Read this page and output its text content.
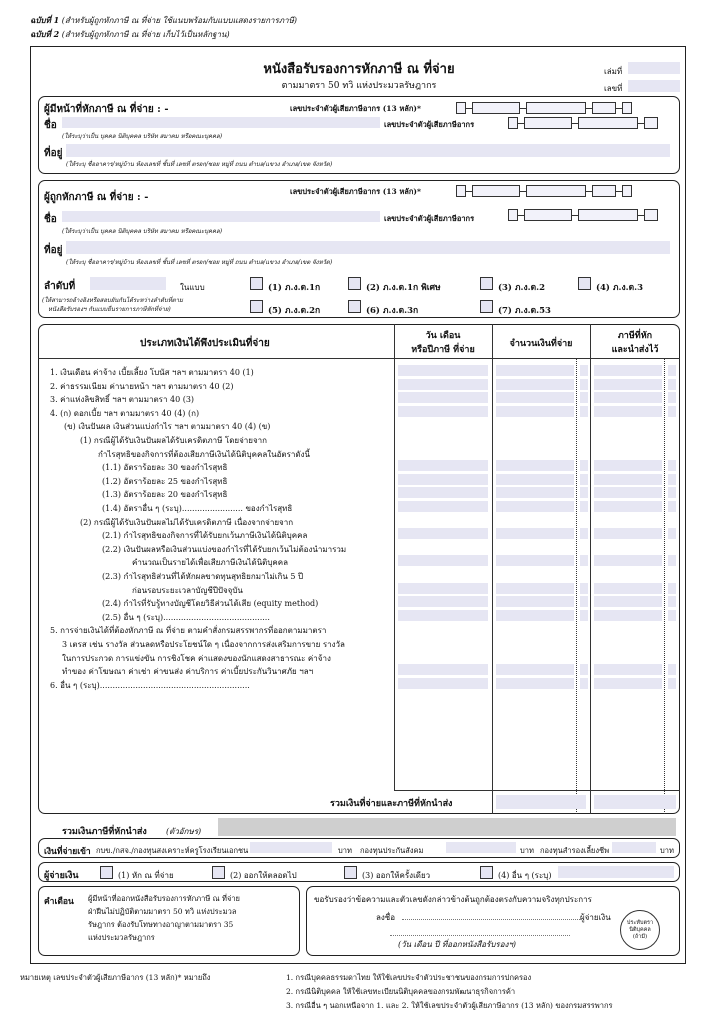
ฉบับที่ 1 (สำหรับผู้ถูกหักภาษี ณ ที่จ่าย ใช้แนบพร้อมกับแบบแสดงรายการภาษี)
ฉบับที่ 2 (สำหรับผู้ถูกหักภาษี ณ ที่จ่าย เก็บไว้เป็นหลักฐาน)
หนังสือรับรองการหักภาษี ณ ที่จ่าย
ตามมาตรา 50 ทวิ แห่งประมวลรัษฎากร
เล่มที่
เลขที่
ผู้มีหน้าที่หักภาษี ณ ที่จ่าย : -	เลขประจำตัวผู้เสียภาษีอากร (13 หลัก)*
ชื่อ	เลขประจำตัวผู้เสียภาษีอากร
(ให้ระบุว่าเป็น บุคคล นิติบุคคล บริษัท สมาคม หรือคณะบุคคล)
ที่อยู่
(ให้ระบุ ชื่ออาคาร/หมู่บ้าน ห้องเลขที่ ชั้นที่ เลขที่ ตรอก/ซอย หมู่ที่ ถนน ตำบล/แขวง อำเภอ/เขต จังหวัด)
ผู้ถูกหักภาษี ณ ที่จ่าย : -
เลขประจำตัวผู้เสียภาษีอากร (13 หลัก)*
ชื่อ	เลขประจำตัวผู้เสียภาษีอากร
(ให้ระบุว่าเป็น บุคคล นิติบุคคล บริษัท สมาคม หรือคณะบุคคล)
ที่อยู่
(ให้ระบุ ชื่ออาคาร/หมู่บ้าน ห้องเลขที่ ชั้นที่ เลขที่ ตรอก/ซอย หมู่ที่ ถนน ตำบล/แขวง อำเภอ/เขต จังหวัด)
ลำดับที่	ในแบบ
(ให้สามารถอ้างอิงหรือสอบยันกันได้ระหว่างลำดับที่ตาม
หนังสือรับรองฯ กับแบบยื่นรายการภาษีหักที่จ่าย)
(1) ภ.ง.ด.1ก	(2) ภ.ง.ด.1ก พิเศษ	(3) ภ.ง.ด.2	(4) ภ.ง.ด.3
(5) ภ.ง.ด.2ก	(6) ภ.ง.ด.3ก	(7) ภ.ง.ด.53
ประเภทเงินได้พึงประเมินที่จ่าย
วัน เดือน
หรือปีภาษี ที่จ่าย
จำนวนเงินที่จ่าย
ภาษีที่หัก
และนำส่งไว้
1. เงินเดือน ค่าจ้าง เบี้ยเลี้ยง โบนัส ฯลฯ ตามมาตรา 40 (1)
2. ค่าธรรมเนียม ค่านายหน้า ฯลฯ ตามมาตรา 40 (2)
3. ค่าแห่งลิขสิทธิ์ ฯลฯ ตามมาตรา 40 (3)
4. (ก) ดอกเบี้ย ฯลฯ ตามมาตรา 40 (4) (ก)
(ข) เงินปันผล เงินส่วนแบ่งกำไร ฯลฯ ตามมาตรา 40 (4) (ข)
(1) กรณีผู้ได้รับเงินปันผลได้รับเครดิตภาษี โดยจ่ายจาก
กำไรสุทธิของกิจการที่ต้องเสียภาษีเงินได้นิติบุคคลในอัตราดังนี้
(1.1) อัตราร้อยละ 30 ของกำไรสุทธิ
(1.2) อัตราร้อยละ 25 ของกำไรสุทธิ
(1.3) อัตราร้อยละ 20 ของกำไรสุทธิ
(1.4) อัตราอื่น ๆ (ระบุ)........................ ของกำไรสุทธิ
(2) กรณีผู้ได้รับเงินปันผลไม่ได้รับเครดิตภาษี เนื่องจากจ่ายจาก
(2.1) กำไรสุทธิของกิจการที่ได้รับยกเว้นภาษีเงินได้นิติบุคคล
(2.2) เงินปันผลหรือเงินส่วนแบ่งของกำไรที่ได้รับยกเว้นไม่ต้องนำมารวม
คำนวณเป็นรายได้เพื่อเสียภาษีเงินได้นิติบุคคล
(2.3) กำไรสุทธิส่วนที่ได้หักผลขาดทุนสุทธิยกมาไม่เกิน 5 ปี
ก่อนรอบระยะเวลาบัญชีปีปัจจุบัน
(2.4) กำไรที่รับรู้ทางบัญชีโดยวิธีส่วนได้เสีย (equity method)
(2.5) อื่น ๆ (ระบุ)..........................................
5. การจ่ายเงินได้ที่ต้องหักภาษี ณ ที่จ่าย ตามคำสั่งกรมสรรพากรที่ออกตามมาตรา
3 เตรส เช่น รางวัล ส่วนลดหรือประโยชน์ใด ๆ เนื่องจากการส่งเสริมการขาย รางวัล
ในการประกวด การแข่งขัน การชิงโชค ค่าแสดงของนักแสดงสาธารณะ ค่าจ้าง
ทำของ ค่าโฆษณา ค่าเช่า ค่าขนส่ง ค่าบริการ ค่าเบี้ยประกันวินาศภัย ฯลฯ
6. อื่น ๆ (ระบุ)...........................................................
รวมเงินที่จ่ายและภาษีที่หักนำส่ง
รวมเงินภาษีที่หักนำส่ง (ตัวอักษร)
เงินที่จ่ายเข้า กบข./กสจ./กองทุนสงเคราะห์ครูโรงเรียนเอกชน	บาท กองทุนประกันสังคม	บาท กองทุนสำรองเลี้ยงชีพ	บาท
ผู้จ่ายเงิน	(1) หัก ณ ที่จ่าย	(2) ออกให้ตลอดไป	(3) ออกให้ครั้งเดียว	(4) อื่น ๆ (ระบุ)
คำเตือน ผู้มีหน้าที่ออกหนังสือรับรองการหักภาษี ณ ที่จ่าย
ฝ่าฝืนไม่ปฏิบัติตามมาตรา 50 ทวิ แห่งประมวล
รัษฎากร ต้องรับโทษทางอาญาตามมาตรา 35
แห่งประมวลรัษฎากร
ขอรับรองว่าข้อความและตัวเลขดังกล่าวข้างต้นถูกต้องตรงกับความจริงทุกประการ
ลงชื่อ	ผู้จ่ายเงิน
(วัน เดือน ปี ที่ออกหนังสือรับรองฯ)
ประทับตรา
นิติบุคคล
(ถ้ามี)
หมายเหตุ เลขประจำตัวผู้เสียภาษีอากร (13 หลัก)* หมายถึง	1. กรณีบุคคลธรรมดาไทย ให้ใช้เลขประจำตัวประชาชนของกรมการปกครอง
2. กรณีนิติบุคคล ให้ใช้เลขทะเบียนนิติบุคคลของกรมพัฒนาธุรกิจการค้า
3. กรณีอื่น ๆ นอกเหนือจาก 1. และ 2. ให้ใช้เลขประจำตัวผู้เสียภาษีอากร (13 หลัก) ของกรมสรรพากร
